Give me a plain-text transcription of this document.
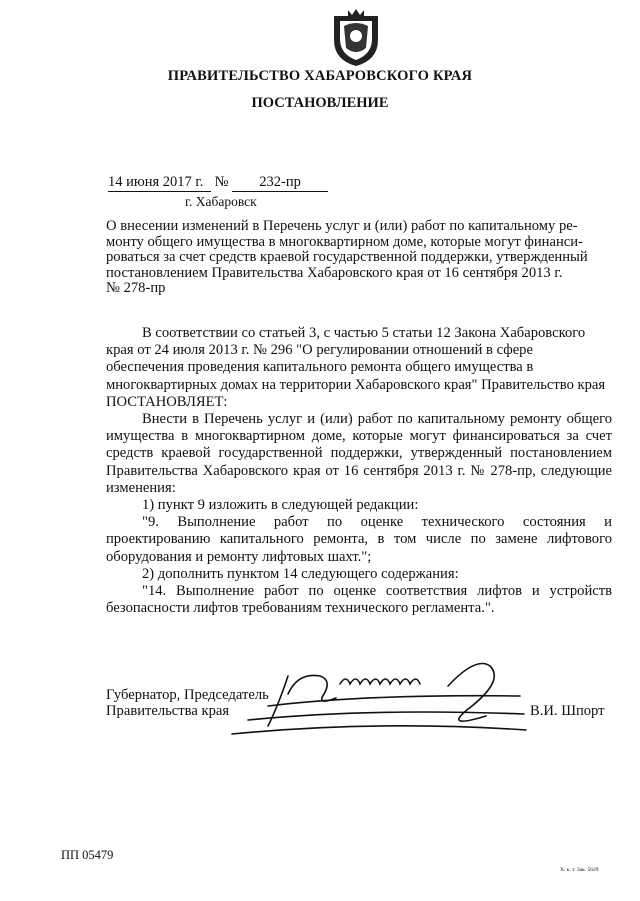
ПРАВИТЕЛЬСТВО ХАБАРОВСКОГО КРАЯ
ПОСТАНОВЛЕНИЕ
14 июня 2017 г. № 232-пр
г. Хабаровск
О внесении изменений в Перечень услуг и (или) работ по капитальному ре-
монту общего имущества в многоквартирном доме, которые могут финанси-
роваться за счет средств краевой государственной поддержки, утвержденный
постановлением Правительства Хабаровского края от 16 сентября 2013 г.
№ 278-пр

В соответствии со статьей 3, с частью 5 статьи 12 Закона Хабаровского края от 24 июля 2013 г. № 296 "О регулировании отношений в сфере обеспечения проведения капитального ремонта общего имущества в многоквартирных домах на территории Хабаровского края" Правительство края

ПОСТАНОВЛЯЕТ:

Внести в Перечень услуг и (или) работ по капитальному ремонту общего имущества в многоквартирном доме, которые могут финансироваться за счет средств краевой государственной поддержки, утвержденный постановлением Правительства Хабаровского края от 16 сентября 2013 г. № 278-пр, следующие изменения:

1) пункт 9 изложить в следующей редакции:

"9. Выполнение работ по оценке технического состояния и проектированию капитального ремонта, в том числе по замене лифтового оборудования и ремонту лифтовых шахт.";

2) дополнить пунктом 14 следующего содержания:

"14. Выполнение работ по оценке соответствия лифтов и устройств безопасности лифтов требованиям технического регламента.".

Губернатор, Председатель
Правительства края	В.И. Шпорт
ПП 05479
Х. к. т. Зак. 5629
